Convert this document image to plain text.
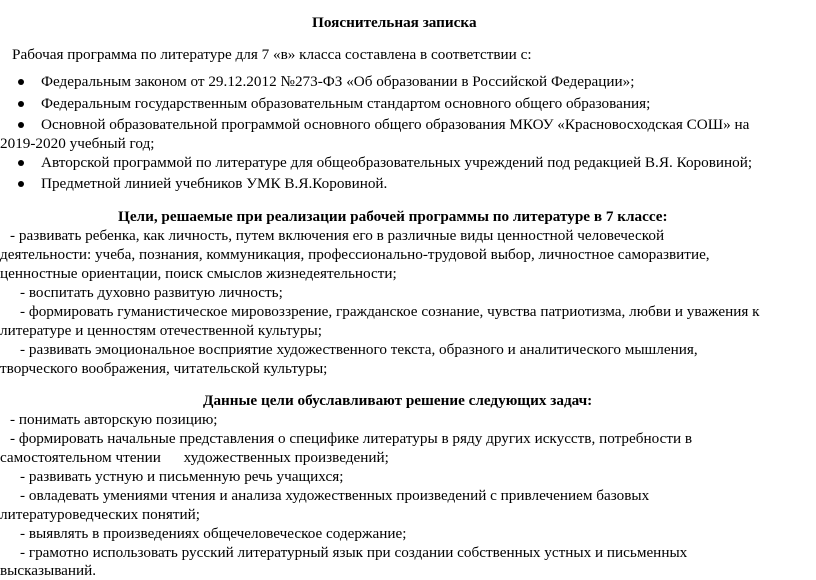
Пояснительная записка
Рабочая программа по литературе для 7 «в» класса составлена в соответствии с:
Федеральным законом от 29.12.2012 №273-ФЗ «Об образовании в Российской Федерации»;
Федеральным государственным образовательным стандартом основного общего образования;
Основной образовательной программой основного общего образования МКОУ «Красновосходская СОШ» на
2019-2020 учебный год;
Авторской программой по литературе для общеобразовательных учреждений под редакцией В.Я. Коровиной;
Предметной линией учебников УМК В.Я.Коровиной.
Цели, решаемые при реализации рабочей программы по литературе в 7 классе:
- развивать ребенка, как личность, путем включения его в различные виды ценностной человеческой
деятельности: учеба, познания, коммуникация, профессионально-трудовой выбор, личностное саморазвитие,
ценностные ориентации, поиск смыслов жизнедеятельности;
- воспитать духовно развитую личность;
- формировать гуманистическое мировоззрение, гражданское сознание, чувства патриотизма, любви и уважения к
литературе и ценностям отечественной культуры;
- развивать эмоциональное восприятие художественного текста, образного и аналитического мышления,
творческого воображения, читательской культуры;
Данные цели обуславливают решение следующих задач:
- понимать авторскую позицию;
- формировать начальные представления о специфике литературы в ряду других искусств, потребности в
самостоятельном чтении      художественных произведений;
- развивать устную и письменную речь учащихся;
- овладевать умениями чтения и анализа художественных произведений с привлечением базовых
литературоведческих понятий;
- выявлять в произведениях общечеловеческое содержание;
- грамотно использовать русский литературный язык при создании собственных устных и письменных
высказываний.
